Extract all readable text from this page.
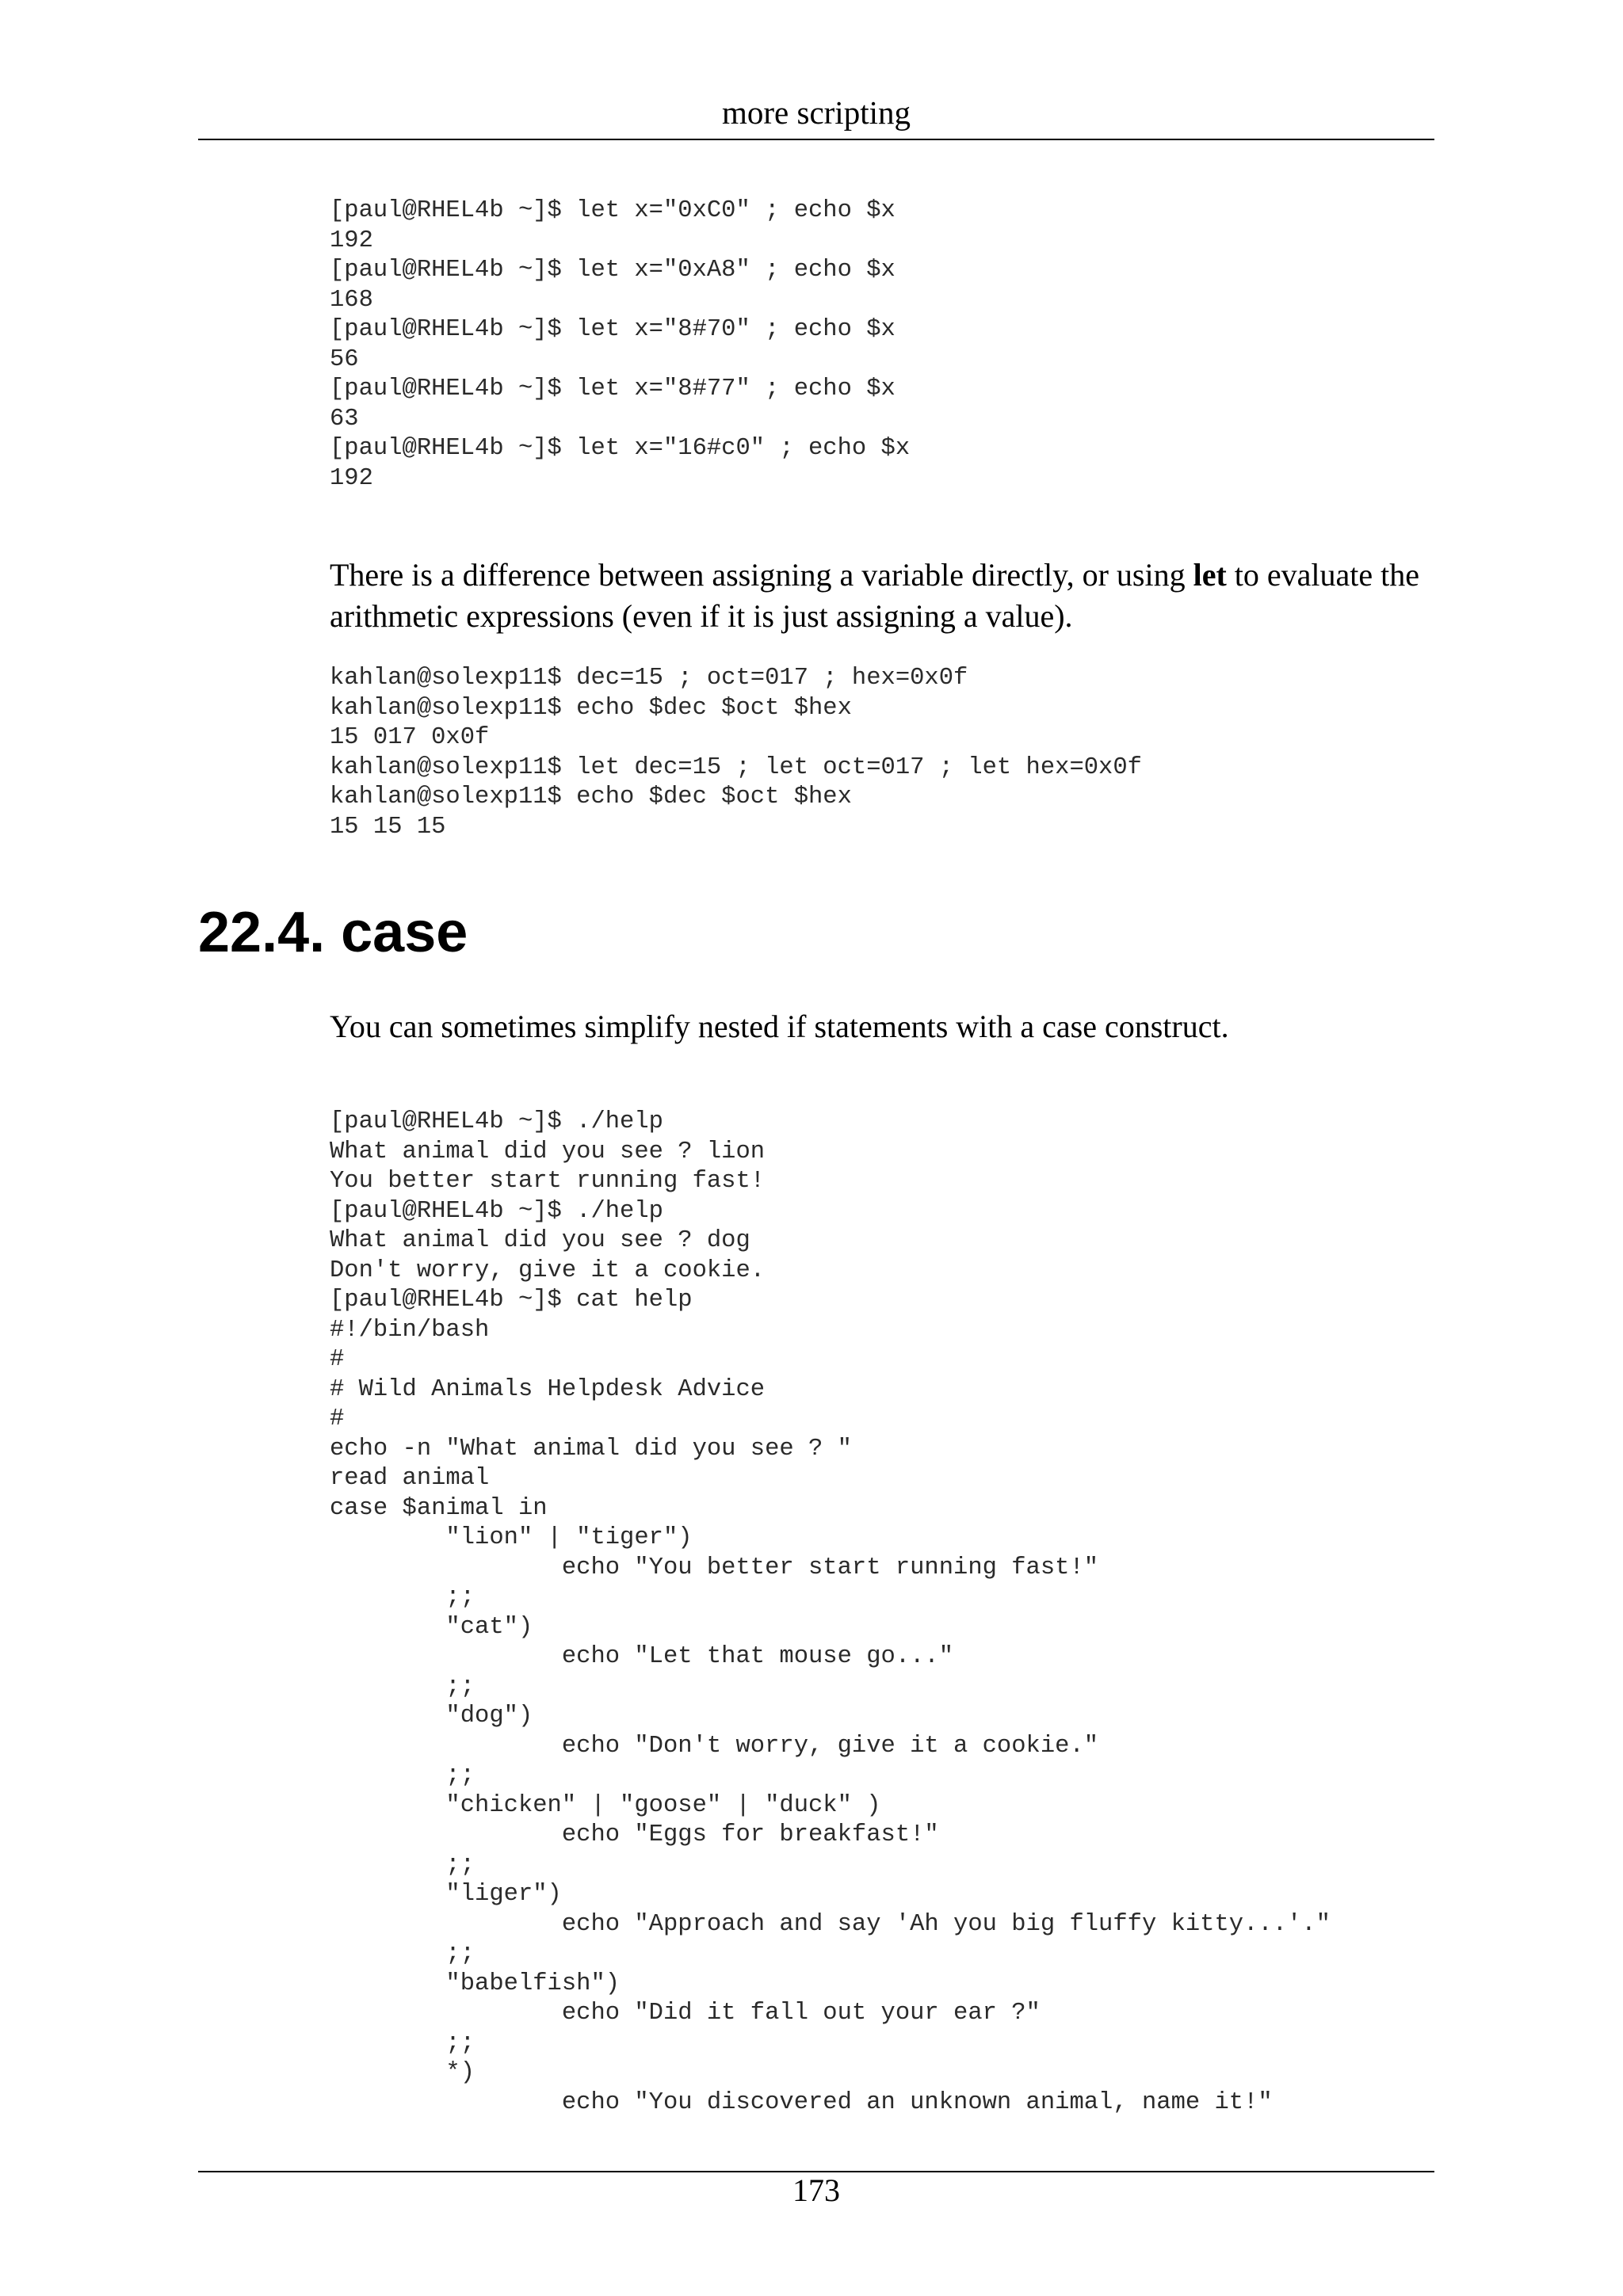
more scripting
[paul@RHEL4b ~]$ let x="0xC0" ; echo $x
192
[paul@RHEL4b ~]$ let x="0xA8" ; echo $x
168
[paul@RHEL4b ~]$ let x="8#70" ; echo $x
56
[paul@RHEL4b ~]$ let x="8#77" ; echo $x
63
[paul@RHEL4b ~]$ let x="16#c0" ; echo $x
192

There is a difference between assigning a variable directly, or using let to evaluate the arithmetic expressions (even if it is just assigning a value).

kahlan@solexp11$ dec=15 ; oct=017 ; hex=0x0f
kahlan@solexp11$ echo $dec $oct $hex
15 017 0x0f
kahlan@solexp11$ let dec=15 ; let oct=017 ; let hex=0x0f
kahlan@solexp11$ echo $dec $oct $hex
15 15 15
22.4. case

You can sometimes simplify nested if statements with a case construct.

[paul@RHEL4b ~]$ ./help
What animal did you see ? lion
You better start running fast!
[paul@RHEL4b ~]$ ./help
What animal did you see ? dog
Don't worry, give it a cookie.
[paul@RHEL4b ~]$ cat help
#!/bin/bash
#
# Wild Animals Helpdesk Advice
#
echo -n "What animal did you see ? "
read animal
case $animal in
"lion" | "tiger")
echo "You better start running fast!"
;;
"cat")
echo "Let that mouse go..."
;;
"dog")
echo "Don't worry, give it a cookie."
;;
"chicken" | "goose" | "duck" )
echo "Eggs for breakfast!"
;;
"liger")
echo "Approach and say 'Ah you big fluffy kitty...'."
;;
"babelfish")
echo "Did it fall out your ear ?"
;;
*)
echo "You discovered an unknown animal, name it!"
173
